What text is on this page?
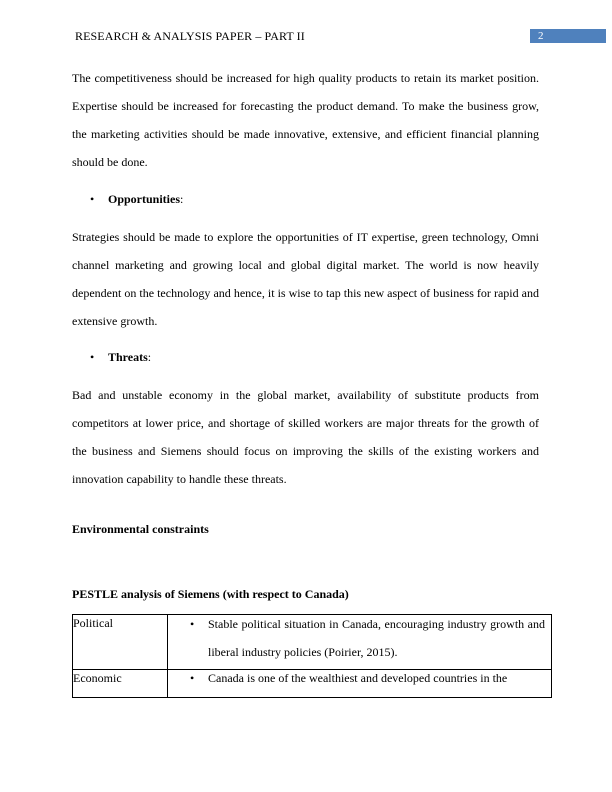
RESEARCH & ANALYSIS PAPER – PART II	2

The competitiveness should be increased for high quality products to retain its market position. Expertise should be increased for forecasting the product demand. To make the business grow, the marketing activities should be made innovative, extensive, and efficient financial planning should be done.

• Opportunities:

Strategies should be made to explore the opportunities of IT expertise, green technology, Omni channel marketing and growing local and global digital market. The world is now heavily dependent on the technology and hence, it is wise to tap this new aspect of business for rapid and extensive growth.

• Threats:

Bad and unstable economy in the global market, availability of substitute products from competitors at lower price, and shortage of skilled workers are major threats for the growth of the business and Siemens should focus on improving the skills of the existing workers and innovation capability to handle these threats.

Environmental constraints
PESTLE analysis of Siemens (with respect to Canada)
Political	• Stable political situation in Canada, encouraging industry growth and liberal industry policies (Poirier, 2015).

Economic	• Canada is one of the wealthiest and developed countries in the
